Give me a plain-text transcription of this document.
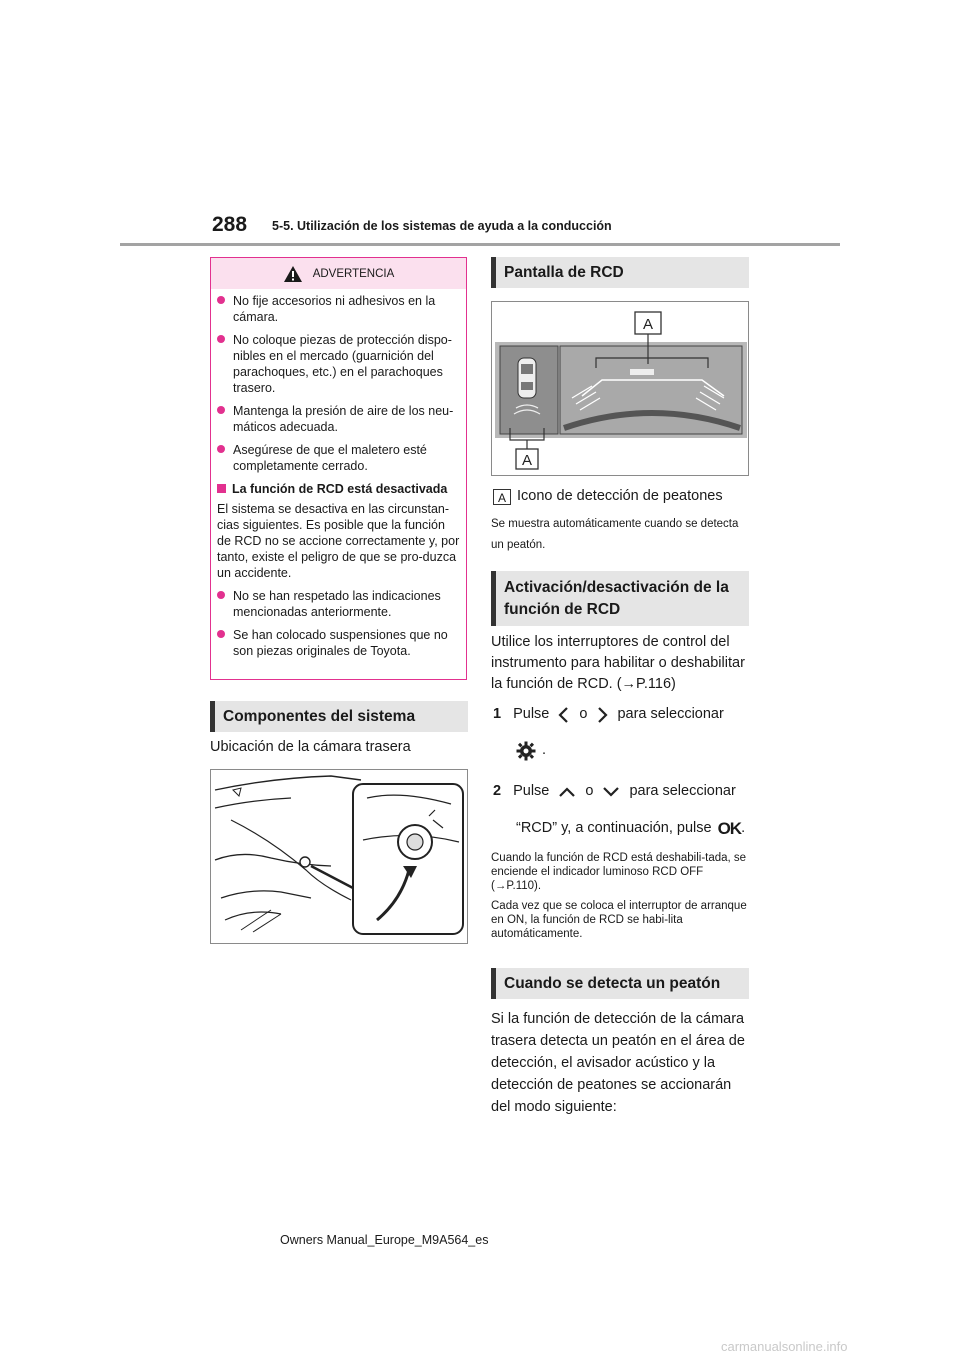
288 5-5. Utilización de los sistemas de ayuda a la conducción
ADVERTENCIA
No fije accesorios ni adhesivos en la cámara.
No coloque piezas de protección dispo-nibles en el mercado (guarnición del parachoques, etc.) en el parachoques trasero.
Mantenga la presión de aire de los neu-máticos adecuada.
Asegúrese de que el maletero esté completamente cerrado.
La función de RCD está desactivada

El sistema se desactiva en las circunstan-cias siguientes. Es posible que la función de RCD no se accione correctamente y, por tanto, existe el peligro de que se pro-duzca un accidente.

No se han respetado las indicaciones mencionadas anteriormente.
Se han colocado suspensiones que no son piezas originales de Toyota.
Componentes del sistema
Ubicación de la cámara trasera
Pantalla de RCD
A
A
A Icono de detección de peatones
Se muestra automáticamente cuando se detecta un peatón.
Activación/desactivación de la función de RCD
Utilice los interruptores de control del instrumento para habilitar o deshabilitar la función de RCD. (→P.116)
1 Pulse o para seleccionar
.
2 Pulse o para seleccionar
“RCD” y, a continuación, pulse OK .
Cuando la función de RCD está deshabili-tada, se enciende el indicador luminoso RCD OFF (→P.110).
Cada vez que se coloca el interruptor de arranque en ON, la función de RCD se habi-lita automáticamente.
Cuando se detecta un peatón
Si la función de detección de la cámara trasera detecta un peatón en el área de detección, el avisador acústico y la detección de peatones se accionarán del modo siguiente:
Owners Manual_Europe_M9A564_es
carmanualsonline.info
